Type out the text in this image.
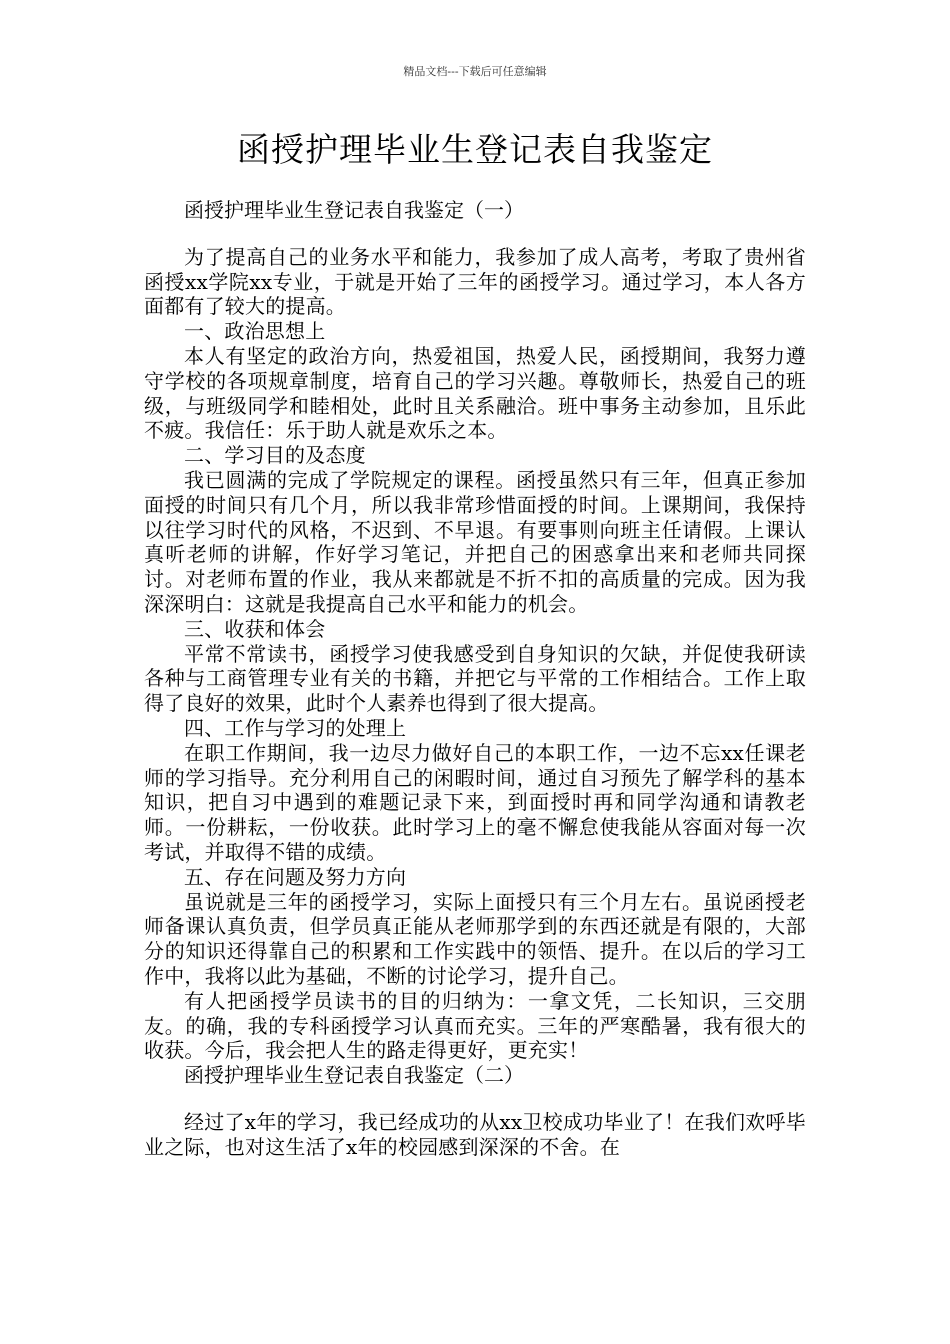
精品文档---下载后可任意编辑
函授护理毕业生登记表自我鉴定

函授护理毕业生登记表自我鉴定（一）

为了提高自己的业务水平和能力，我参加了成人高考，考取了贵州省函授xx学院xx专业，于就是开始了三年的函授学习。通过学习，本人各方面都有了较大的提高。

一、政治思想上

本人有坚定的政治方向，热爱祖国，热爱人民，函授期间，我努力遵守学校的各项规章制度，培育自己的学习兴趣。尊敬师长，热爱自己的班级，与班级同学和睦相处，此时且关系融洽。班中事务主动参加，且乐此不疲。我信任：乐于助人就是欢乐之本。

二、学习目的及态度

我已圆满的完成了学院规定的课程。函授虽然只有三年，但真正参加面授的时间只有几个月，所以我非常珍惜面授的时间。上课期间，我保持以往学习时代的风格，不迟到、不早退。有要事则向班主任请假。上课认真听老师的讲解，作好学习笔记，并把自己的困惑拿出来和老师共同探讨。对老师布置的作业，我从来都就是不折不扣的高质量的完成。因为我深深明白：这就是我提高自己水平和能力的机会。

三、收获和体会

平常不常读书，函授学习使我感受到自身知识的欠缺，并促使我研读各种与工商管理专业有关的书籍，并把它与平常的工作相结合。工作上取得了良好的效果，此时个人素养也得到了很大提高。

四、工作与学习的处理上

在职工作期间，我一边尽力做好自己的本职工作，一边不忘xx任课老师的学习指导。充分利用自己的闲暇时间，通过自习预先了解学科的基本知识，把自习中遇到的难题记录下来，到面授时再和同学沟通和请教老师。一份耕耘，一份收获。此时学习上的毫不懈怠使我能从容面对每一次考试，并取得不错的成绩。

五、存在问题及努力方向

虽说就是三年的函授学习，实际上面授只有三个月左右。虽说函授老师备课认真负责，但学员真正能从老师那学到的东西还就是有限的，大部分的知识还得靠自己的积累和工作实践中的领悟、提升。在以后的学习工作中，我将以此为基础，不断的讨论学习，提升自己。

有人把函授学员读书的目的归纳为：一拿文凭，二长知识，三交朋友。的确，我的专科函授学习认真而充实。三年的严寒酷暑，我有很大的收获。今后，我会把人生的路走得更好，更充实！

函授护理毕业生登记表自我鉴定（二）

经过了x年的学习，我已经成功的从xx卫校成功毕业了！在我们欢呼毕业之际，也对这生活了x年的校园感到深深的不舍。在
